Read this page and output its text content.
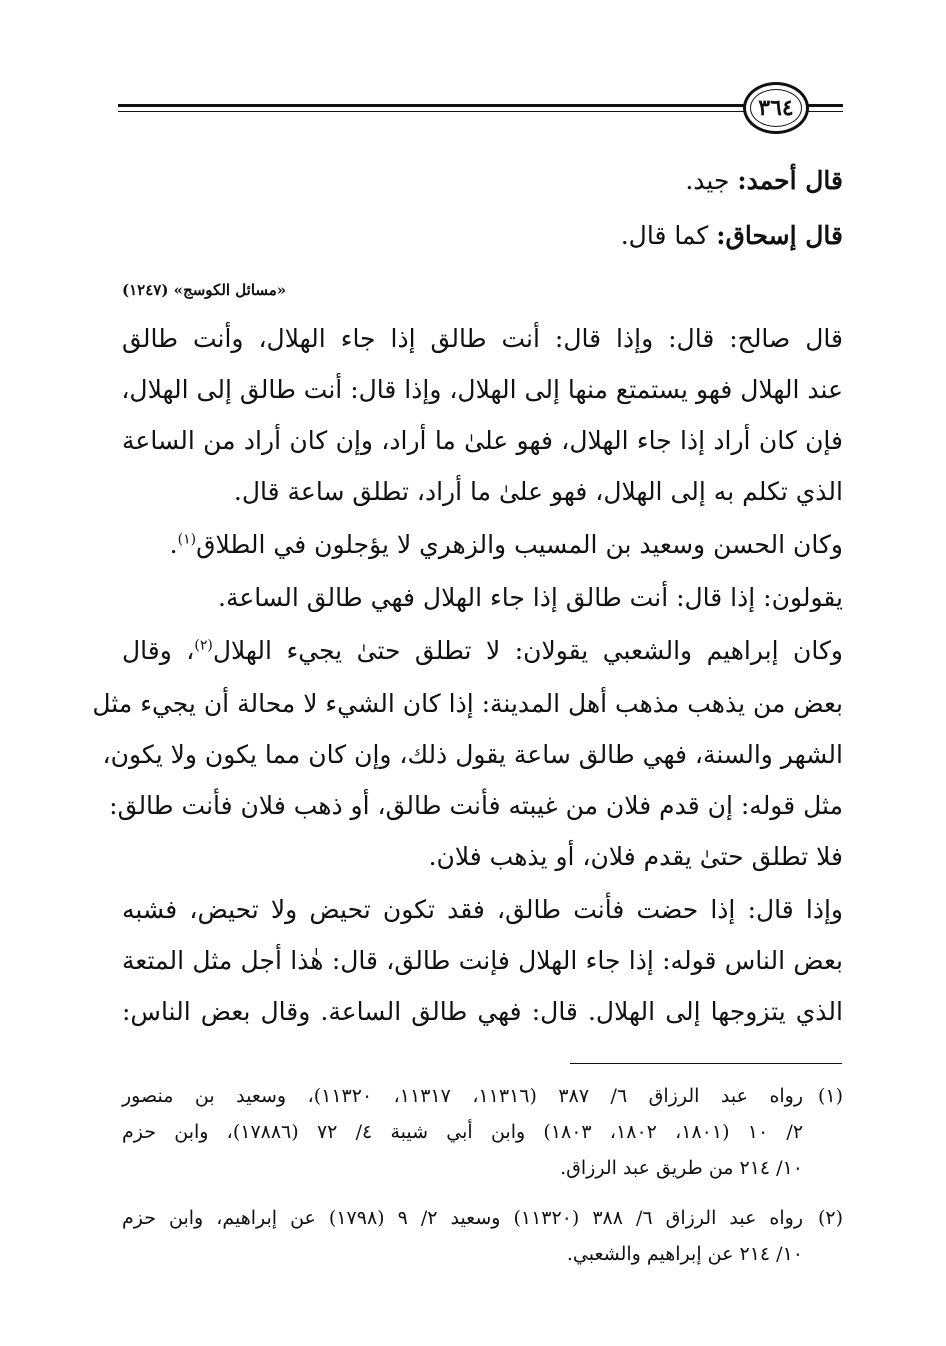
٣٦٤
قال أحمد: جيد.
قال إسحاق: كما قال.
«مسائل الكوسج» (١٢٤٧)
قال صالح: قال: وإذا قال: أنت طالق إذا جاء الهلال، وأنت طالق
عند الهلال فهو يستمتع منها إلى الهلال، وإذا قال: أنت طالق إلى الهلال،
فإن كان أراد إذا جاء الهلال، فهو علىٰ ما أراد، وإن كان أراد من الساعة
الذي تكلم به إلى الهلال، فهو علىٰ ما أراد، تطلق ساعة قال.
وكان الحسن وسعيد بن المسيب والزهري لا يؤجلون في الطلاق$^{(١)}$.
يقولون: إذا قال: أنت طالق إذا جاء الهلال فهي طالق الساعة.
وكان إبراهيم والشعبي يقولان: لا تطلق حتىٰ يجيء الهلال$^{(٢)}$، وقال
بعض من يذهب مذهب أهل المدينة: إذا كان الشيء لا محالة أن يجيء مثل
الشهر والسنة، فهي طالق ساعة يقول ذلك، وإن كان مما يكون ولا يكون،
مثل قوله: إن قدم فلان من غيبته فأنت طالق، أو ذهب فلان فأنت طالق:
فلا تطلق حتىٰ يقدم فلان، أو يذهب فلان.
وإذا قال: إذا حضت فأنت طالق، فقد تكون تحيض ولا تحيض، فشبه
بعض الناس قوله: إذا جاء الهلال فإنت طالق، قال: هٰذا أجل مثل المتعة
الذي يتزوجها إلى الهلال. قال: فهي طالق الساعة. وقال بعض الناس:
(١)رواه عبد الرزاق ٦/ ٣٨٧ (١١٣١٦، ١١٣١٧، ١١٣٢٠)، وسعيد بن منصور
٢/ ١٠ (١٨٠١، ١٨٠٢، ١٨٠٣) وابن أبي شيبة ٤/ ٧٢ (١٧٨٨٦)، وابن حزم
١٠/ ٢١٤ من طريق عبد الرزاق.
(٢)رواه عبد الرزاق ٦/ ٣٨٨ (١١٣٢٠) وسعيد ٢/ ٩ (١٧٩٨) عن إبراهيم، وابن حزم
١٠/ ٢١٤ عن إبراهيم والشعبي.
